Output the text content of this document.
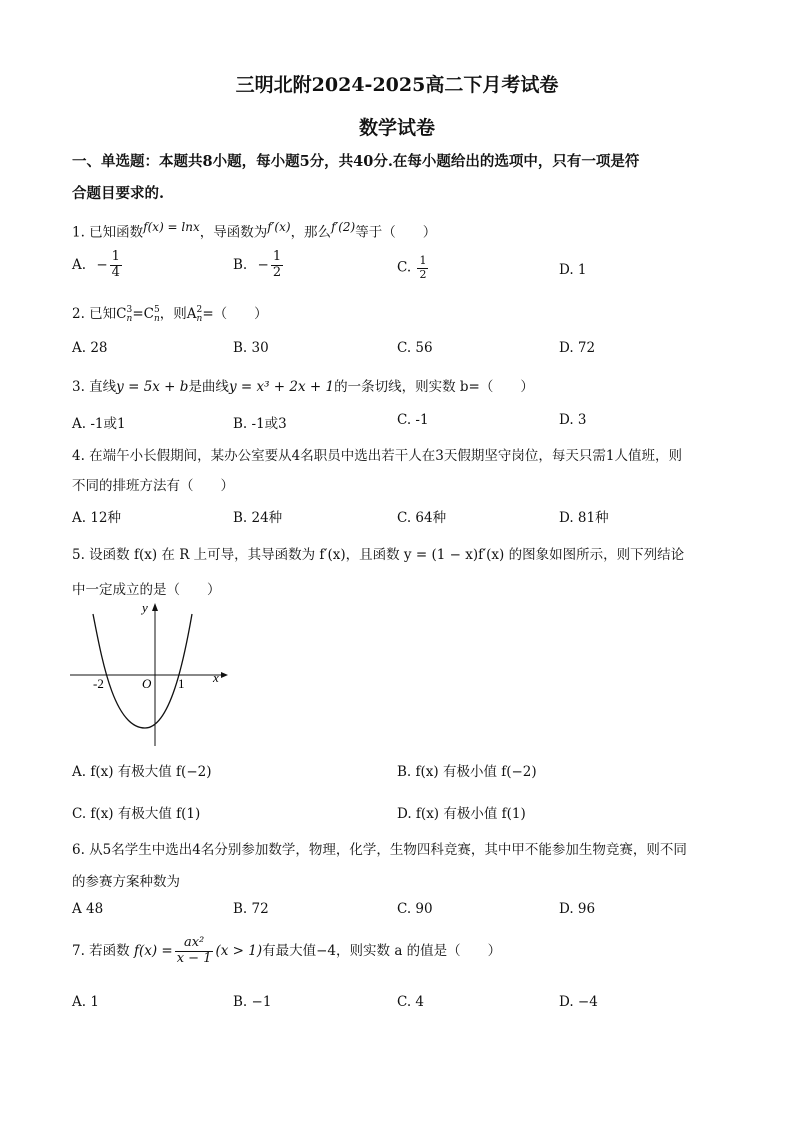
三明北附2024-2025高二下月考试卷
数学试卷
一、单选题：本题共8小题，每小题5分，共40分.在每小题给出的选项中，只有一项是符
合题目要求的.
1. 已知函数$^{f(x) = lnx}$，导函数为$^{f'(x)}$，那么$^{f'(2)}$等于（　　）
A. − $\frac{1}{4}$	B. − $\frac{1}{2}$	C. $\frac{1}{2}$	D. 1
2. 已知C 3
n =C 5
n ，则A 2
n =（　　）
A. 28	B. 30	C. 56	D. 72
3. 直线y = 5x + b是曲线y = x³ + 2x + 1的一条切线，则实数 b=（　　）
A. -1或1	B. -1或3	C. -1	D. 3
4. 在端午小长假期间，某办公室要从4名职员中选出若干人在3天假期坚守岗位，每天只需1人值班，则
不同的排班方法有（　　）
A. 12种	B. 24种	C. 64种	D. 81种
5. 设函数 f(x) 在 R 上可导，其导函数为 f′(x)，且函数 y = (1 − x)f′(x) 的图象如图所示，则下列结论
中一定成立的是（　　）
y
x
O
-2	1
A. f(x) 有极大值 f(−2)	B. f(x) 有极小值 f(−2)
C. f(x) 有极大值 f(1)	D. f(x) 有极小值 f(1)
6. 从5名学生中选出4名分别参加数学，物理，化学，生物四科竞赛，其中甲不能参加生物竞赛，则不同
的参赛方案种数为
A 48	B. 72	C. 90	D. 96
7. 若函数 $f(x) = \frac{\text{ax²}}{x - 1} (x > 1)$有最大值−4，则实数 a 的值是（　　）
A. 1	B. −1	C. 4	D. −4
